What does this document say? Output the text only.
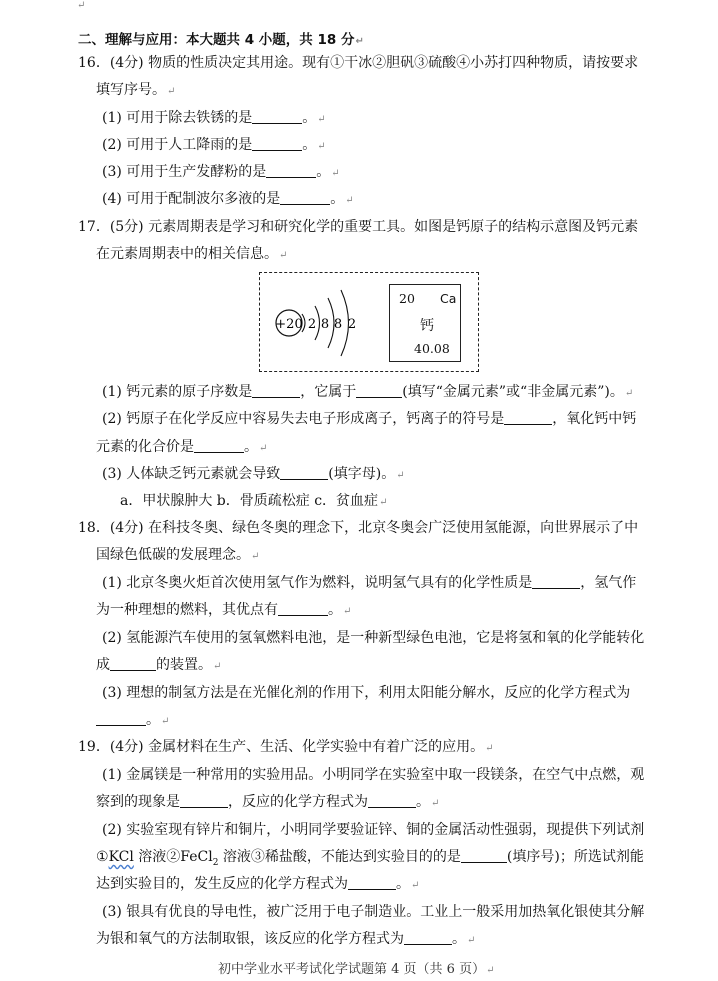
↵
二、理解与应用：本大题共 4 小题，共 18 分↵
16．(4分) 物质的性质决定其用途。现有①干冰②胆矾③硫酸④小苏打四种物质，请按要求
填写序号。↵
(1) 可用于除去铁锈的是	。↵
(2) 可用于人工降雨的是	。↵
(3) 可用于生产发酵粉的是	。↵
(4) 可用于配制波尔多液的是	。↵
17．(5分) 元素周期表是学习和研究化学的重要工具。如图是钙原子的结构示意图及钙元素
在元素周期表中的相关信息。↵
+20 2 8 8 2
20 Ca
钙
40.08
(1) 钙元素的原子序数是	，它属于	(填写“金属元素”或“非金属元素”)。↵
(2) 钙原子在化学反应中容易失去电子形成离子，钙离子的符号是	，氧化钙中钙
元素的化合价是	。↵
(3) 人体缺乏钙元素就会导致	(填字母)。↵
a．甲状腺肿大 b．骨质疏松症 c．贫血症↵
18．(4分) 在科技冬奥、绿色冬奥的理念下，北京冬奥会广泛使用氢能源，向世界展示了中
国绿色低碳的发展理念。↵
(1) 北京冬奥火炬首次使用氢气作为燃料，说明氢气具有的化学性质是	，氢气作
为一种理想的燃料，其优点有	。↵
(2) 氢能源汽车使用的氢氧燃料电池，是一种新型绿色电池，它是将氢和氧的化学能转化
成	的装置。↵
(3) 理想的制氢方法是在光催化剂的作用下，利用太阳能分解水，反应的化学方程式为
。↵
19．(4分) 金属材料在生产、生活、化学实验中有着广泛的应用。↵
(1) 金属镁是一种常用的实验用品。小明同学在实验室中取一段镁条，在空气中点燃，观
察到的现象是	，反应的化学方程式为	。↵
(2) 实验室现有锌片和铜片，小明同学要验证锌、铜的金属活动性强弱，现提供下列试剂
①KCl 溶液②FeCl$_2$ 溶液③稀盐酸，不能达到实验目的的是	(填序号)；所选试剂能
达到实验目的，发生反应的化学方程式为	。↵
(3) 银具有优良的导电性，被广泛用于电子制造业。工业上一般采用加热氧化银使其分解
为银和氧气的方法制取银，该反应的化学方程式为	。↵
初中学业水平考试化学试题第 4 页（共 6 页）↵
